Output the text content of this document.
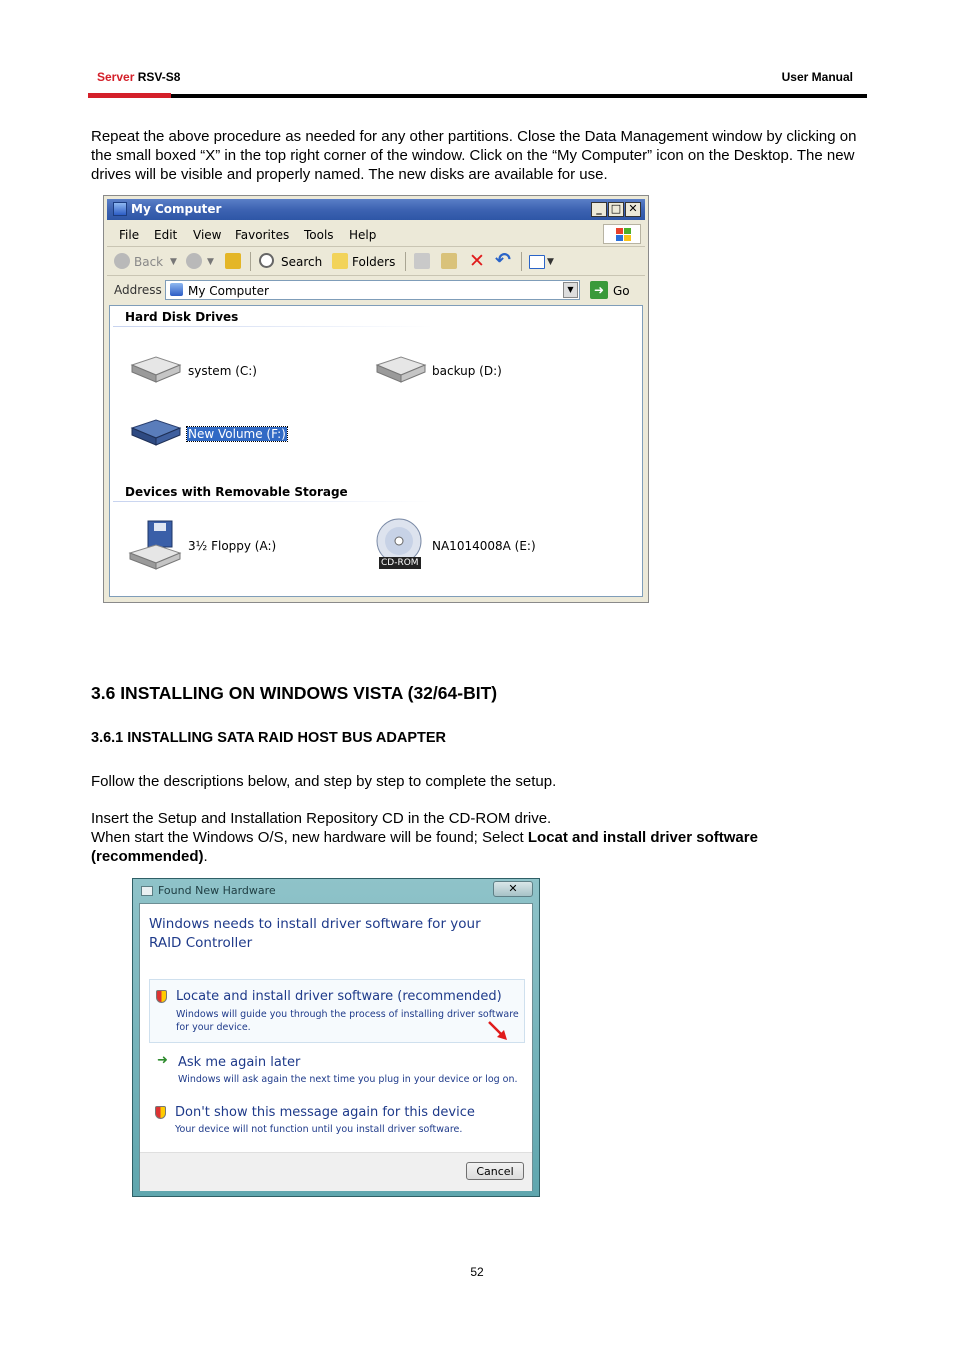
Server RSV-S8	User Manual
Repeat the above procedure as needed for any other partitions. Close the Data Management window by clicking on the small boxed “X” in the top right corner of the window. Click on the “My Computer” icon on the Desktop. The new drives will be visible and properly named. The new disks are available for use.
My Computer	_ □ ✕
File Edit View Favorites Tools Help
Back ▼	▼	Search Folders	✕ ↶	▼
Address My Computer	▼	➜ Go
Hard Disk Drives
system (C:)	backup (D:)
New Volume (F:)
Devices with Removable Storage
3½ Floppy (A:)
CD-ROM
NA1014008A (E:)
3.6 INSTALLING ON WINDOWS VISTA (32/64-BIT)
3.6.1 INSTALLING SATA RAID HOST BUS ADAPTER
Follow the descriptions below, and step by step to complete the setup.
Insert the Setup and Installation Repository CD in the CD-ROM drive.
When start the Windows O/S, new hardware will be found; Select Locat and install driver software (recommended).
Found New Hardware	✕
Windows needs to install driver software for your RAID Controller
Locate and install driver software (recommended)
Windows will guide you through the process of installing driver software for your device.
➜ Ask me again later
Windows will ask again the next time you plug in your device or log on.
Don't show this message again for this device
Your device will not function until you install driver software.
Cancel
52
